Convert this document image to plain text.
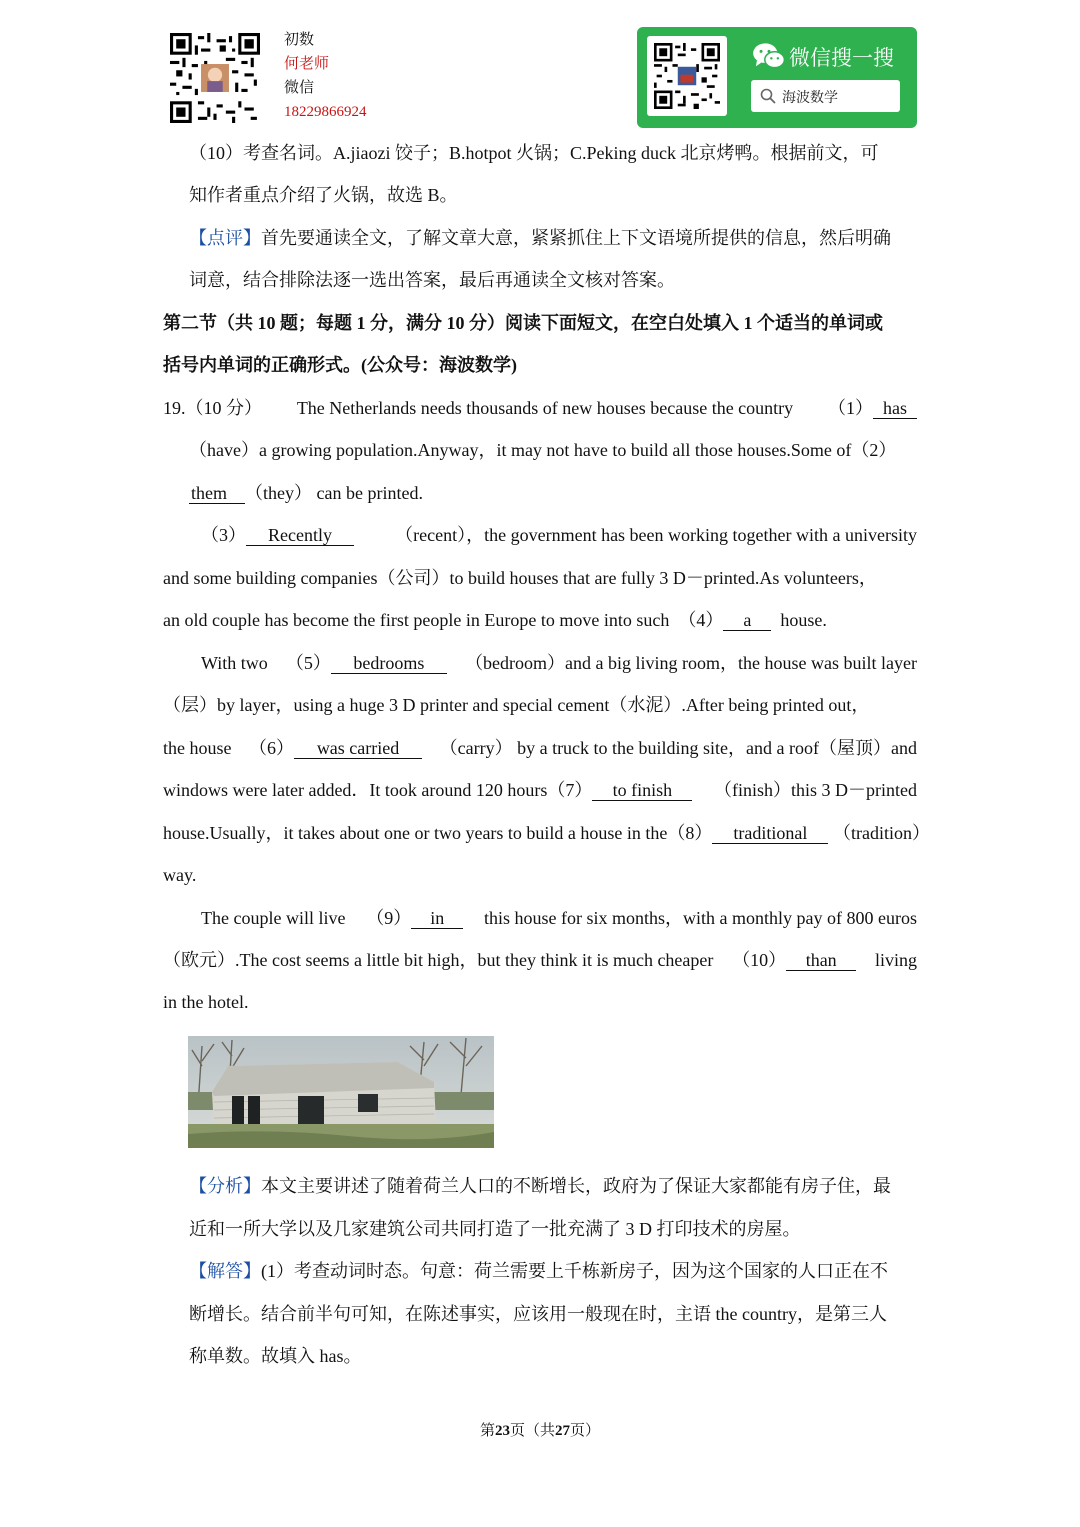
初数
何老师
微信
18229866924
微信搜一搜
海波数学
（10）考查名词。A.jiaozi 饺子；B.hotpot 火锅；C.Peking duck 北京烤鸭。根据前文，可
知作者重点介绍了火锅，故选 B。
【点评】首先要通读全文，了解文章大意，紧紧抓住上下文语境所提供的信息，然后明确
词意，结合排除法逐一选出答案，最后再通读全文核对答案。
第二节（共 10 题；每题 1 分，满分 10 分）阅读下面短文，在空白处填入 1 个适当的单词或
括号内单词的正确形式。(公众号：海波数学)
19.（10 分） The Netherlands needs thousands of new houses because the country （1） has
（have）a growing population.Anyway，it may not have to build all those houses.Some of（2）
them （they） can be printed.
（3） Recently	（recent），the government has been working together with a university
and some building companies（公司）to build houses that are fully 3 D－printed.As volunteers，
an old couple has become the first people in Europe to move into such （4） a house.
With two （5） bedrooms	（bedroom）and a big living room，the house was built layer
（层）by layer，using a huge 3 D printer and special cement（水泥）.After being printed out，
the house （6） was carried	（carry） by a truck to the building site，and a roof（屋顶）and
windows were later added．It took around 120 hours（7） to finish	（finish）this 3 D－printed
house.Usually，it takes about one or two years to build a house in the（8） traditional	（tradition）
way.
The couple will live （9） in	this house for six months，with a monthly pay of 800 euros
（欧元）.The cost seems a little bit high，but they think it is much cheaper （10） than	living
in the hotel.
【分析】本文主要讲述了随着荷兰人口的不断增长，政府为了保证大家都能有房子住，最
近和一所大学以及几家建筑公司共同打造了一批充满了 3 D 打印技术的房屋。
【解答】(1）考查动词时态。句意：荷兰需要上千栋新房子，因为这个国家的人口正在不
断增长。结合前半句可知，在陈述事实，应该用一般现在时，主语 the country，是第三人
称单数。故填入 has。
第23页（共27页）
